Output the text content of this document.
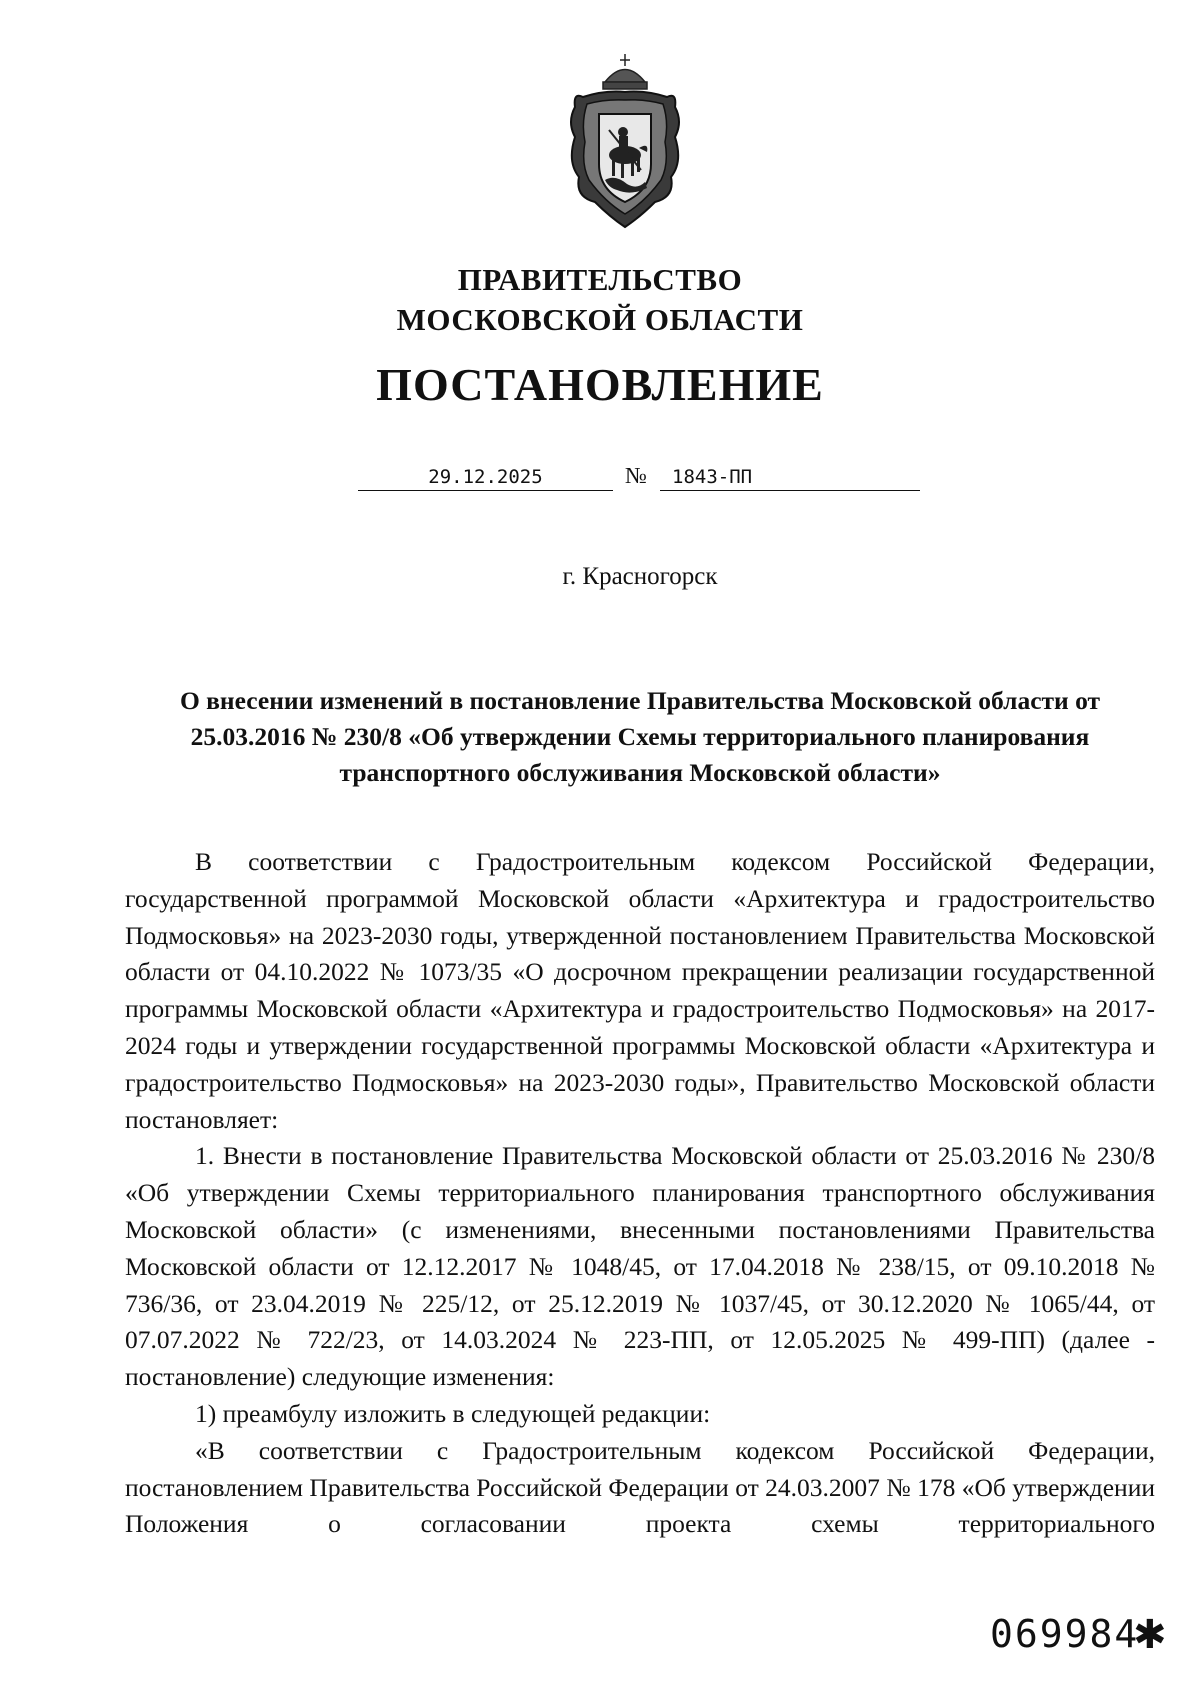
ПРАВИТЕЛЬСТВО
МОСКОВСКОЙ ОБЛАСТИ
ПОСТАНОВЛЕНИЕ
29.12.2025	№	1843-ПП
г. Красногорск
О внесении изменений в постановление Правительства Московской области от 25.03.2016 № 230/8 «Об утверждении Схемы территориального планирования транспортного обслуживания Московской области»

В соответствии с Градостроительным кодексом Российской Федерации, государственной программой Московской области «Архитектура и градостроительство Подмосковья» на 2023-2030 годы, утвержденной постановлением Правительства Московской области от 04.10.2022 № 1073/35 «О досрочном прекращении реализации государственной программы Московской области «Архитектура и градостроительство Подмосковья» на 2017-2024 годы и утверждении государственной программы Московской области «Архитектура и градостроительство Подмосковья» на 2023-2030 годы», Правительство Московской области постановляет:

1. Внести в постановление Правительства Московской области от 25.03.2016 № 230/8 «Об утверждении Схемы территориального планирования транспортного обслуживания Московской области» (с изменениями, внесенными постановлениями Правительства Московской области от 12.12.2017 № 1048/45, от 17.04.2018 № 238/15, от 09.10.2018 № 736/36, от 23.04.2019 № 225/12, от 25.12.2019 № 1037/45, от 30.12.2020 № 1065/44, от 07.07.2022 № 722/23, от 14.03.2024 № 223-ПП, от 12.05.2025 № 499-ПП) (далее - постановление) следующие изменения:

1) преамбулу изложить в следующей редакции:

«В соответствии с Градостроительным кодексом Российской Федерации, постановлением Правительства Российской Федерации от 24.03.2007 № 178 «Об утверждении Положения о согласовании проекта схемы территориального

069984
✱
